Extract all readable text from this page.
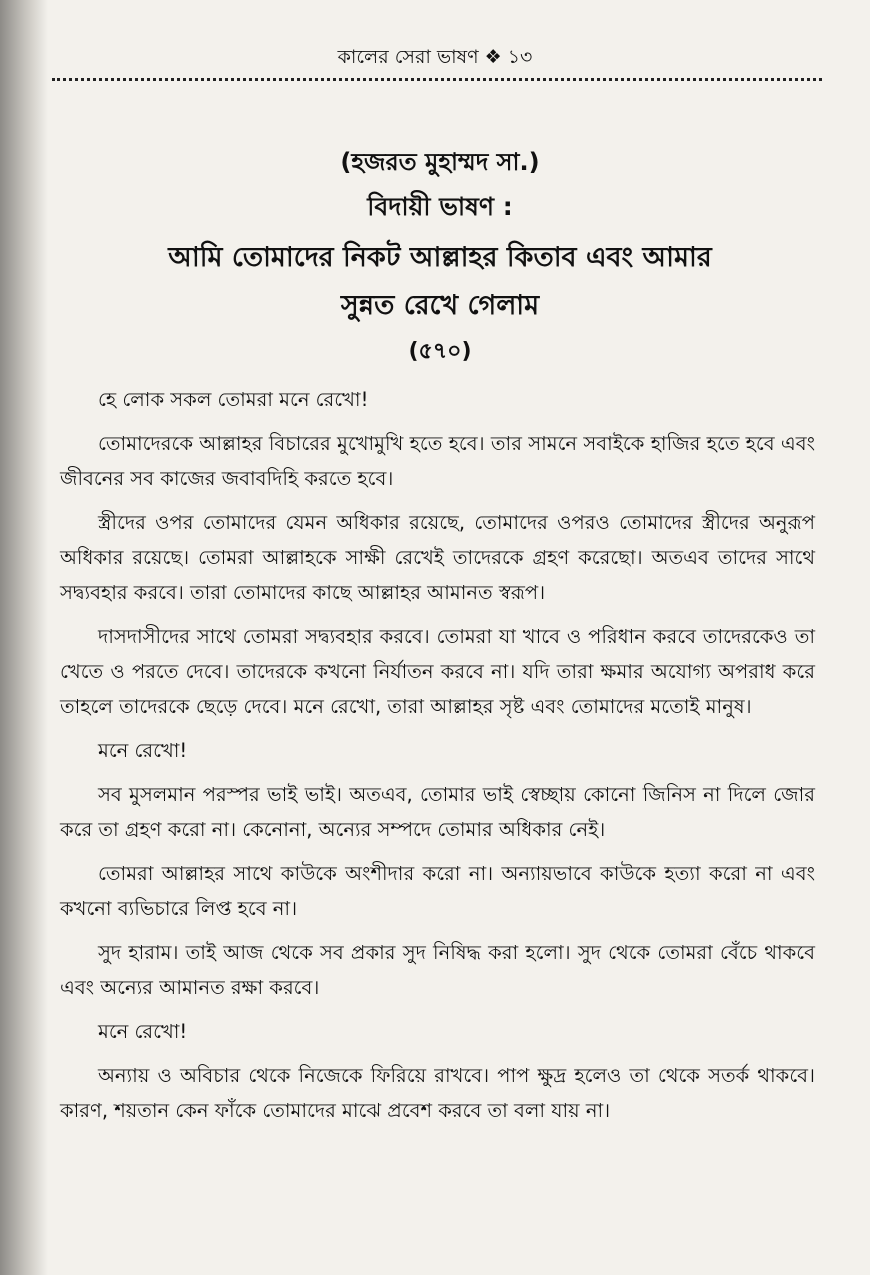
কালের সেরা ভাষণ ❖ ১৩
(হজরত মুহাম্মদ সা.)
বিদায়ী ভাষণ :
আমি তোমাদের নিকট আল্লাহর কিতাব এবং আমার
সুন্নত রেখে গেলাম
(৫৭০)

হে লোক সকল তোমরা মনে রেখো!

তোমাদেরকে আল্লাহর বিচারের মুখোমুখি হতে হবে। তার সামনে সবাইকে হাজির হতে হবে এবং জীবনের সব কাজের জবাবদিহি করতে হবে।

স্ত্রীদের ওপর তোমাদের যেমন অধিকার রয়েছে, তোমাদের ওপরও তোমাদের স্ত্রীদের অনুরূপ অধিকার রয়েছে। তোমরা আল্লাহকে সাক্ষী রেখেই তাদেরকে গ্রহণ করেছো। অতএব তাদের সাথে সদ্ব্যবহার করবে। তারা তোমাদের কাছে আল্লাহর আমানত স্বরূপ।

দাসদাসীদের সাথে তোমরা সদ্ব্যবহার করবে। তোমরা যা খাবে ও পরিধান করবে তাদেরকেও তা খেতে ও পরতে দেবে। তাদেরকে কখনো নির্যাতন করবে না। যদি তারা ক্ষমার অযোগ্য অপরাধ করে তাহলে তাদেরকে ছেড়ে দেবে। মনে রেখো, তারা আল্লাহর সৃষ্ট এবং তোমাদের মতোই মানুষ।

মনে রেখো!

সব মুসলমান পরস্পর ভাই ভাই। অতএব, তোমার ভাই স্বেচ্ছায় কোনো জিনিস না দিলে জোর করে তা গ্রহণ করো না। কেনোনা, অন্যের সম্পদে তোমার অধিকার নেই।

তোমরা আল্লাহর সাথে কাউকে অংশীদার করো না। অন্যায়ভাবে কাউকে হত্যা করো না এবং কখনো ব্যভিচারে লিপ্ত হবে না।

সুদ হারাম। তাই আজ থেকে সব প্রকার সুদ নিষিদ্ধ করা হলো। সুদ থেকে তোমরা বেঁচে থাকবে এবং অন্যের আমানত রক্ষা করবে।

মনে রেখো!

অন্যায় ও অবিচার থেকে নিজেকে ফিরিয়ে রাখবে। পাপ ক্ষুদ্র হলেও তা থেকে সতর্ক থাকবে। কারণ, শয়তান কেন ফাঁকে তোমাদের মাঝে প্রবেশ করবে তা বলা যায় না।
